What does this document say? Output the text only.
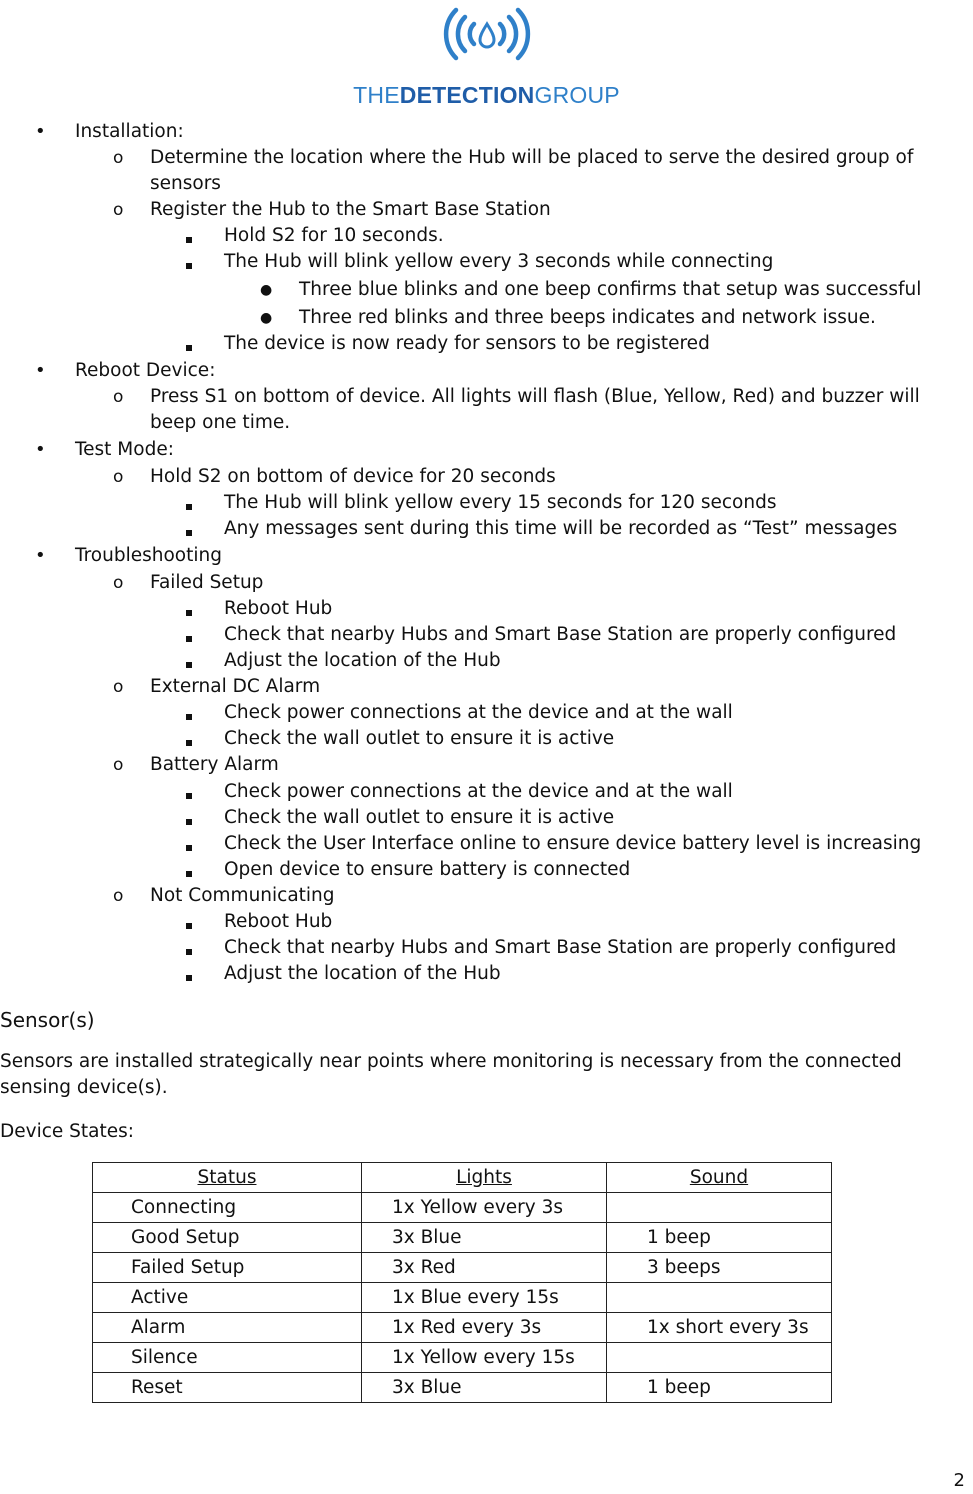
THEDETECTIONGROUP
• Installation:
o Determine the location where the Hub will be placed to serve the desired group of
sensors
o Register the Hub to the Smart Base Station
Hold S2 for 10 seconds.
The Hub will blink yellow every 3 seconds while connecting
● Three blue blinks and one beep confirms that setup was successful
● Three red blinks and three beeps indicates and network issue.
The device is now ready for sensors to be registered
• Reboot Device:
o Press S1 on bottom of device. All lights will flash (Blue, Yellow, Red) and buzzer will
beep one time.
• Test Mode:
o Hold S2 on bottom of device for 20 seconds
The Hub will blink yellow every 15 seconds for 120 seconds
Any messages sent during this time will be recorded as “Test” messages
• Troubleshooting
o Failed Setup
Reboot Hub
Check that nearby Hubs and Smart Base Station are properly configured
Adjust the location of the Hub
o External DC Alarm
Check power connections at the device and at the wall
Check the wall outlet to ensure it is active
o Battery Alarm
Check power connections at the device and at the wall
Check the wall outlet to ensure it is active
Check the User Interface online to ensure device battery level is increasing
Open device to ensure battery is connected
o Not Communicating
Reboot Hub
Check that nearby Hubs and Smart Base Station are properly configured
Adjust the location of the Hub
Sensor(s)
Sensors are installed strategically near points where monitoring is necessary from the connected
sensing device(s).
Device States:
Status	Lights	Sound
Connecting	1x Yellow every 3s	
Good Setup	3x Blue	1 beep
Failed Setup	3x Red	3 beeps
Active	1x Blue every 15s	
Alarm	1x Red every 3s	1x short every 3s
Silence	1x Yellow every 15s	
Reset	3x Blue	1 beep
2
